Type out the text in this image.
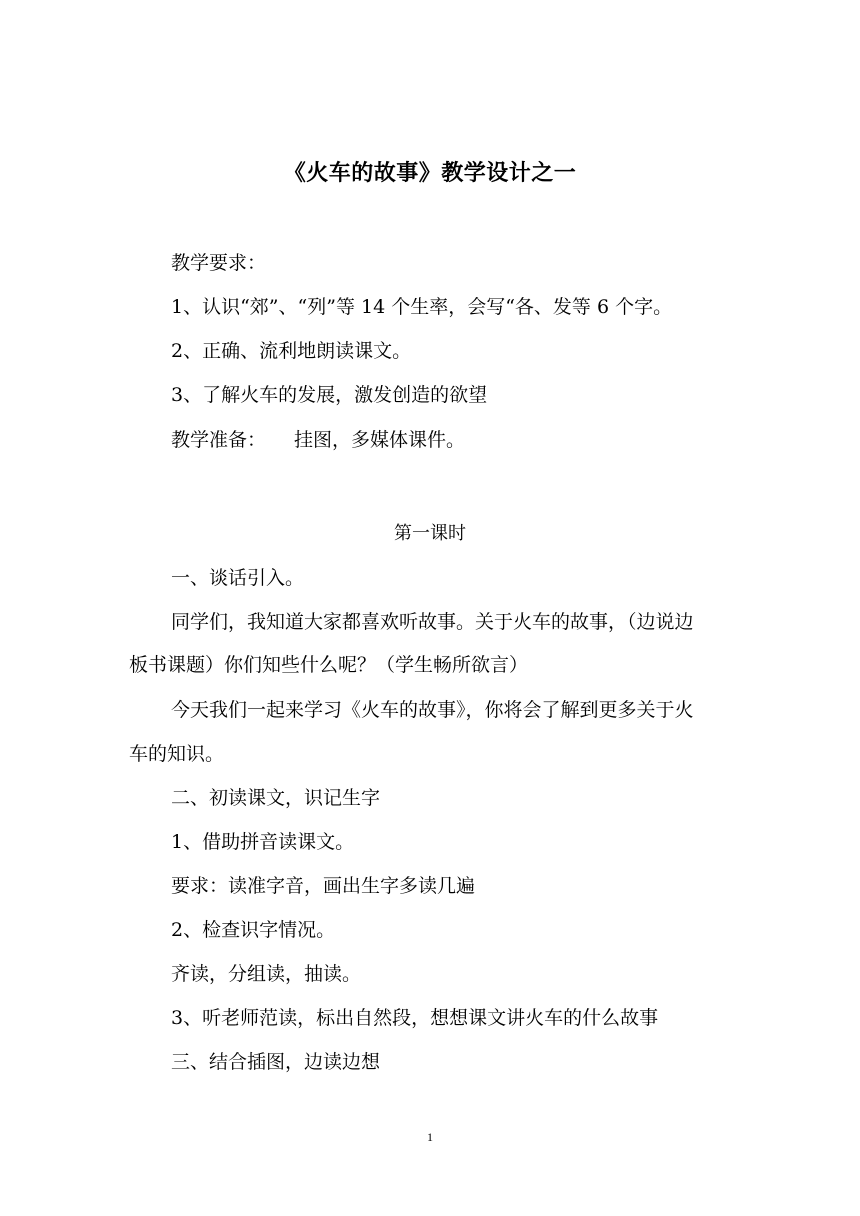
《火车的故事》教学设计之一
教学要求：
1、认识“郊”、“列”等 14 个生率，会写“各、发等 6 个字。
2、正确、流利地朗读课文。
3、了解火车的发展，激发创造的欲望
教学准备： 挂图，多媒体课件。
第一课时
一、谈话引入。
同学们，我知道大家都喜欢听故事。关于火车的故事，（边说边
板书课题）你们知些什么呢？（学生畅所欲言）
今天我们一起来学习《火车的故事》，你将会了解到更多关于火
车的知识。
二、初读课文，识记生字
1、借助拼音读课文。
要求：读准字音，画出生字多读几遍
2、检查识字情况。
齐读，分组读，抽读。
3、听老师范读，标出自然段，想想课文讲火车的什么故事
三、结合插图，边读边想
1
